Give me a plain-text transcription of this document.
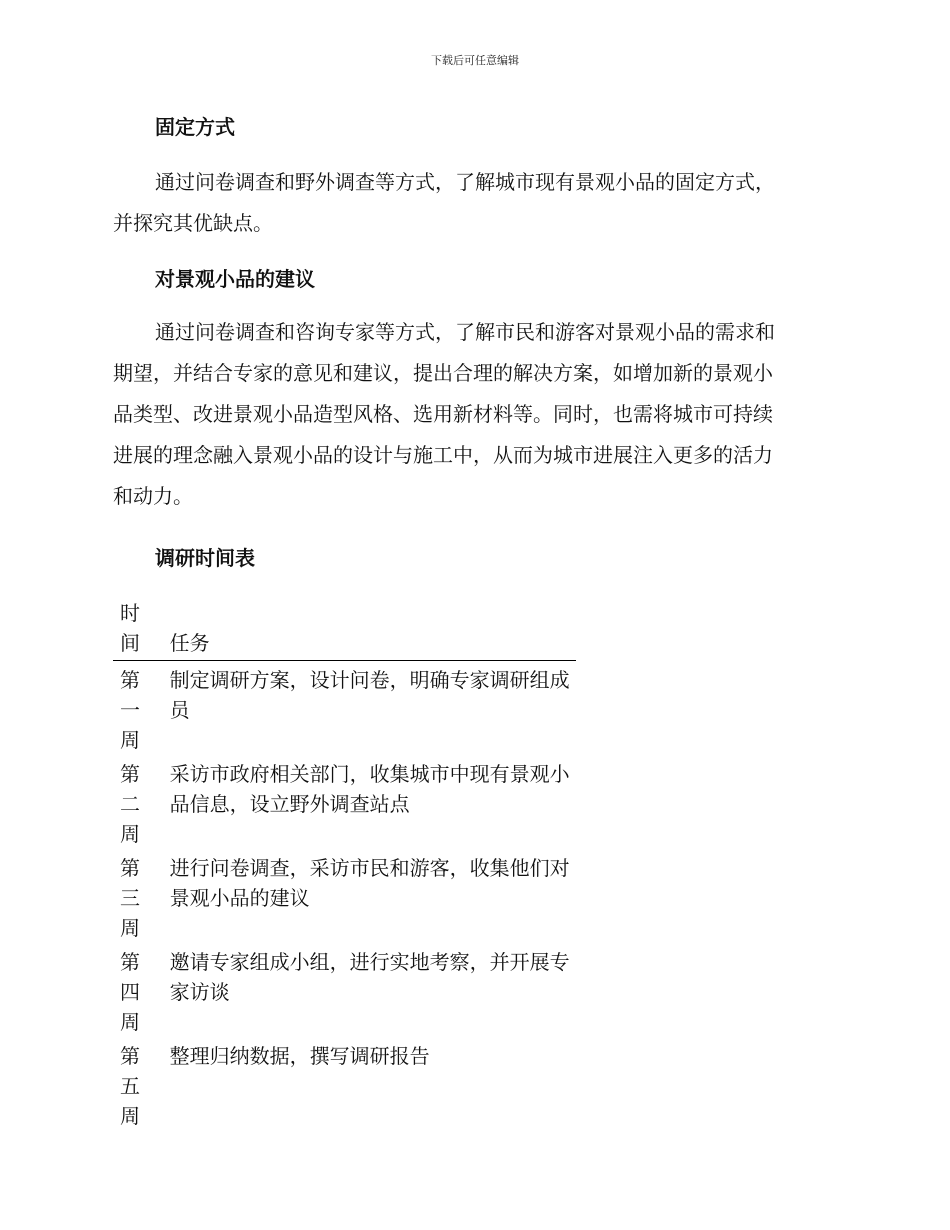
下载后可任意编辑
固定方式

通过问卷调查和野外调查等方式，了解城市现有景观小品的固定方式，
并探究其优缺点。

对景观小品的建议

通过问卷调查和咨询专家等方式，了解市民和游客对景观小品的需求和
期望，并结合专家的意见和建议，提出合理的解决方案，如增加新的景观小
品类型、改进景观小品造型风格、选用新材料等。同时，也需将城市可持续
进展的理念融入景观小品的设计与施工中，从而为城市进展注入更多的活力
和动力。

调研时间表
时
间	任务

第
一
周	制定调研方案，设计问卷，明确专家调研组成员

第
二
周	采访市政府相关部门，收集城市中现有景观小品信息，设立野外调查站点

第
三
周	进行问卷调查，采访市民和游客，收集他们对景观小品的建议

第
四
周	邀请专家组成小组，进行实地考察，并开展专家访谈

第
五
周	整理归纳数据，撰写调研报告
